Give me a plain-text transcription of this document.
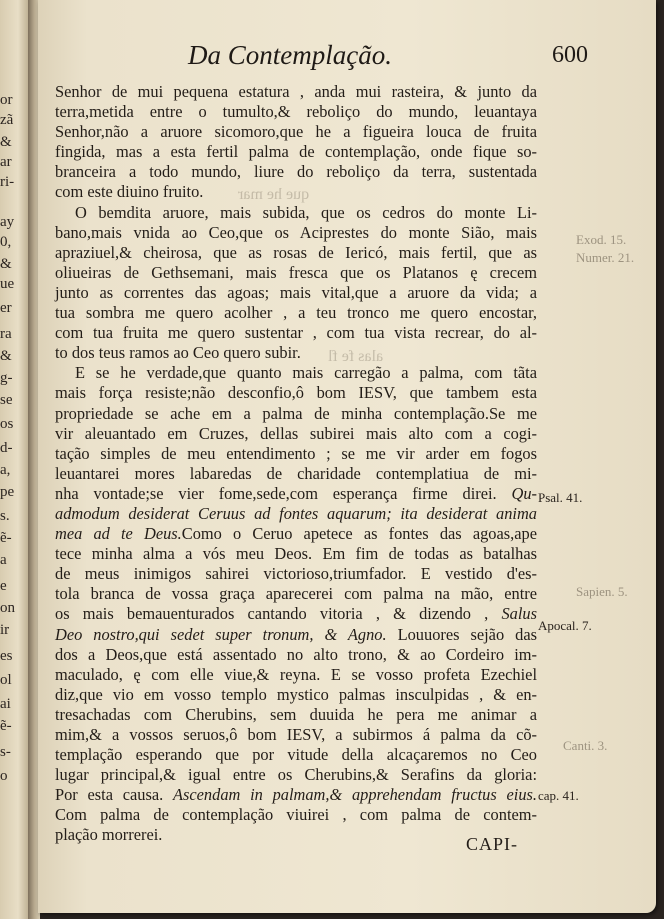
or
zã
&
ar
ri-
ay
0,
&
ue
er
ra
&
g-
se
os
d-
a,
pe
s.
ẽ-
a
e
on
ir
es
ol
ai
ẽ-
s-
o
que he mar
alas fe fl
Da Contemplação.	600
Senhor de mui pequena estatura , anda mui rasteira, & junto da
terra,metida entre o tumulto,& reboliço do mundo, leuantaya
Senhor,não a aruore sicomoro,que he a figueira louca de fruita
fingida, mas a esta fertil palma de contemplação, onde fique so-
branceira a todo mundo, liure do reboliço da terra, sustentada
com este diuino fruito.
O bemdita aruore, mais subida, que os cedros do monte Li-
bano,mais vnida ao Ceo,que os Aciprestes do monte Sião, mais
apraziuel,& cheirosa, que as rosas de Iericó, mais fertil, que as
oliueiras de Gethsemani, mais fresca que os Platanos ę crecem
junto as correntes das agoas; mais vital,que a aruore da vida; a
tua sombra me quero acolher , a teu tronco me quero encostar,
com tua fruita me quero sustentar , com tua vista recrear, do al-
to dos teus ramos ao Ceo quero subir.
E se he verdade,que quanto mais carregão a palma, com tãta
mais força resiste;não desconfio,ô bom IESV, que tambem esta
propriedade se ache em a palma de minha contemplação.Se me
vir aleuantado em Cruzes, dellas subirei mais alto com a cogi-
tação simples de meu entendimento ; se me vir arder em fogos
leuantarei mores labaredas de charidade contemplatiua de mi-
nha vontade;se vier fome,sede,com esperança firme direi. Qu-
admodum desiderat Ceruus ad fontes aquarum; ita desiderat anima
mea ad te Deus.Como o Ceruo apetece as fontes das agoas,ape
tece minha alma a vós meu Deos. Em fim de todas as batalhas
de meus inimigos sahirei victorioso,triumfador. E vestido d'es-
tola branca de vossa graça aparecerei com palma na mão, entre
os mais bemauenturados cantando vitoria , & dizendo , Salus
Deo nostro,qui sedet super tronum, & Agno. Louuores sejão das
dos a Deos,que está assentado no alto trono, & ao Cordeiro im-
maculado, ę com elle viue,& reyna. E se vosso profeta Ezechiel
diz,que vio em vosso templo mystico palmas insculpidas , & en-
tresachadas com Cherubins, sem duuida he pera me animar a
mim,& a vossos seruos,ô bom IESV, a subirmos á palma da cõ-
templação esperando que por vitude della alcaçaremos no Ceo
lugar principal,& igual entre os Cherubins,& Serafins da gloria:
Por esta causa. Ascendam in palmam,& apprehendam fructus eius.
Com palma de contemplação viuirei , com palma de contem-
plação morrerei.
Exod. 15.
Numer. 21.
Psal. 41.
Sapien. 5.
Apocal. 7.
Canti. 3.
cap. 41.
CAPI-
